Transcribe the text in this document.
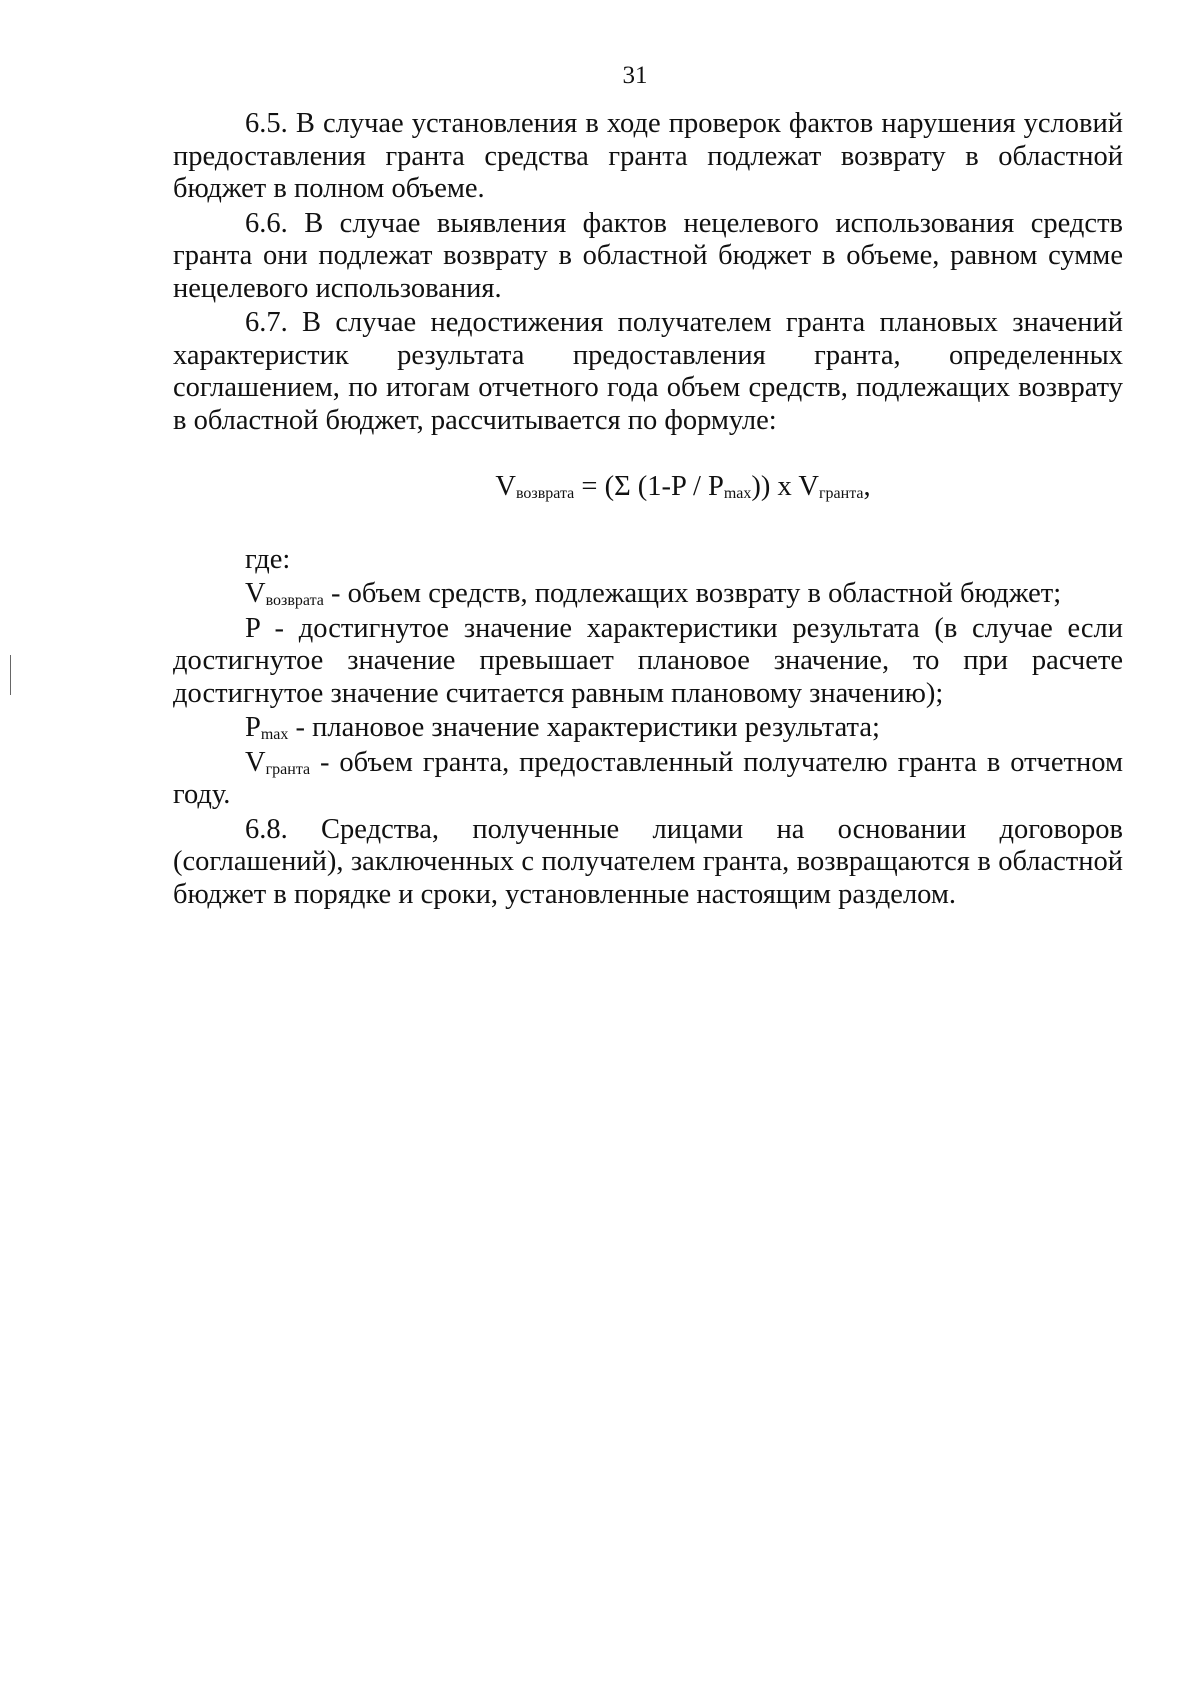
31

6.5. В случае установления в ходе проверок фактов нарушения условий предоставления гранта средства гранта подлежат возврату в областной бюджет в полном объеме.

6.6. В случае выявления фактов нецелевого использования средств гранта они подлежат возврату в областной бюджет в объеме, равном сумме нецелевого использования.

6.7. В случае недостижения получателем гранта плановых значений характеристик результата предоставления гранта, определенных соглашением, по итогам отчетного года объем средств, подлежащих возврату в областной бюджет, рассчитывается по формуле:

$V_{возврата} = (\Sigma$ $(1-P / P_{max})$) x $V_{гранта}$,

где:

$V_{возврата}$ - объем средств, подлежащих возврату в областной бюджет;

P - достигнутое значение характеристики результата (в случае если достигнутое значение превышает плановое значение, то при расчете достигнутое значение считается равным плановому значению);

$P_{max}$ - плановое значение характеристики результата;

$V_{гранта}$ - объем гранта, предоставленный получателю гранта в отчетном году.

6.8. Средства, полученные лицами на основании договоров (соглашений), заключенных с получателем гранта, возвращаются в областной бюджет в порядке и сроки, установленные настоящим разделом.
